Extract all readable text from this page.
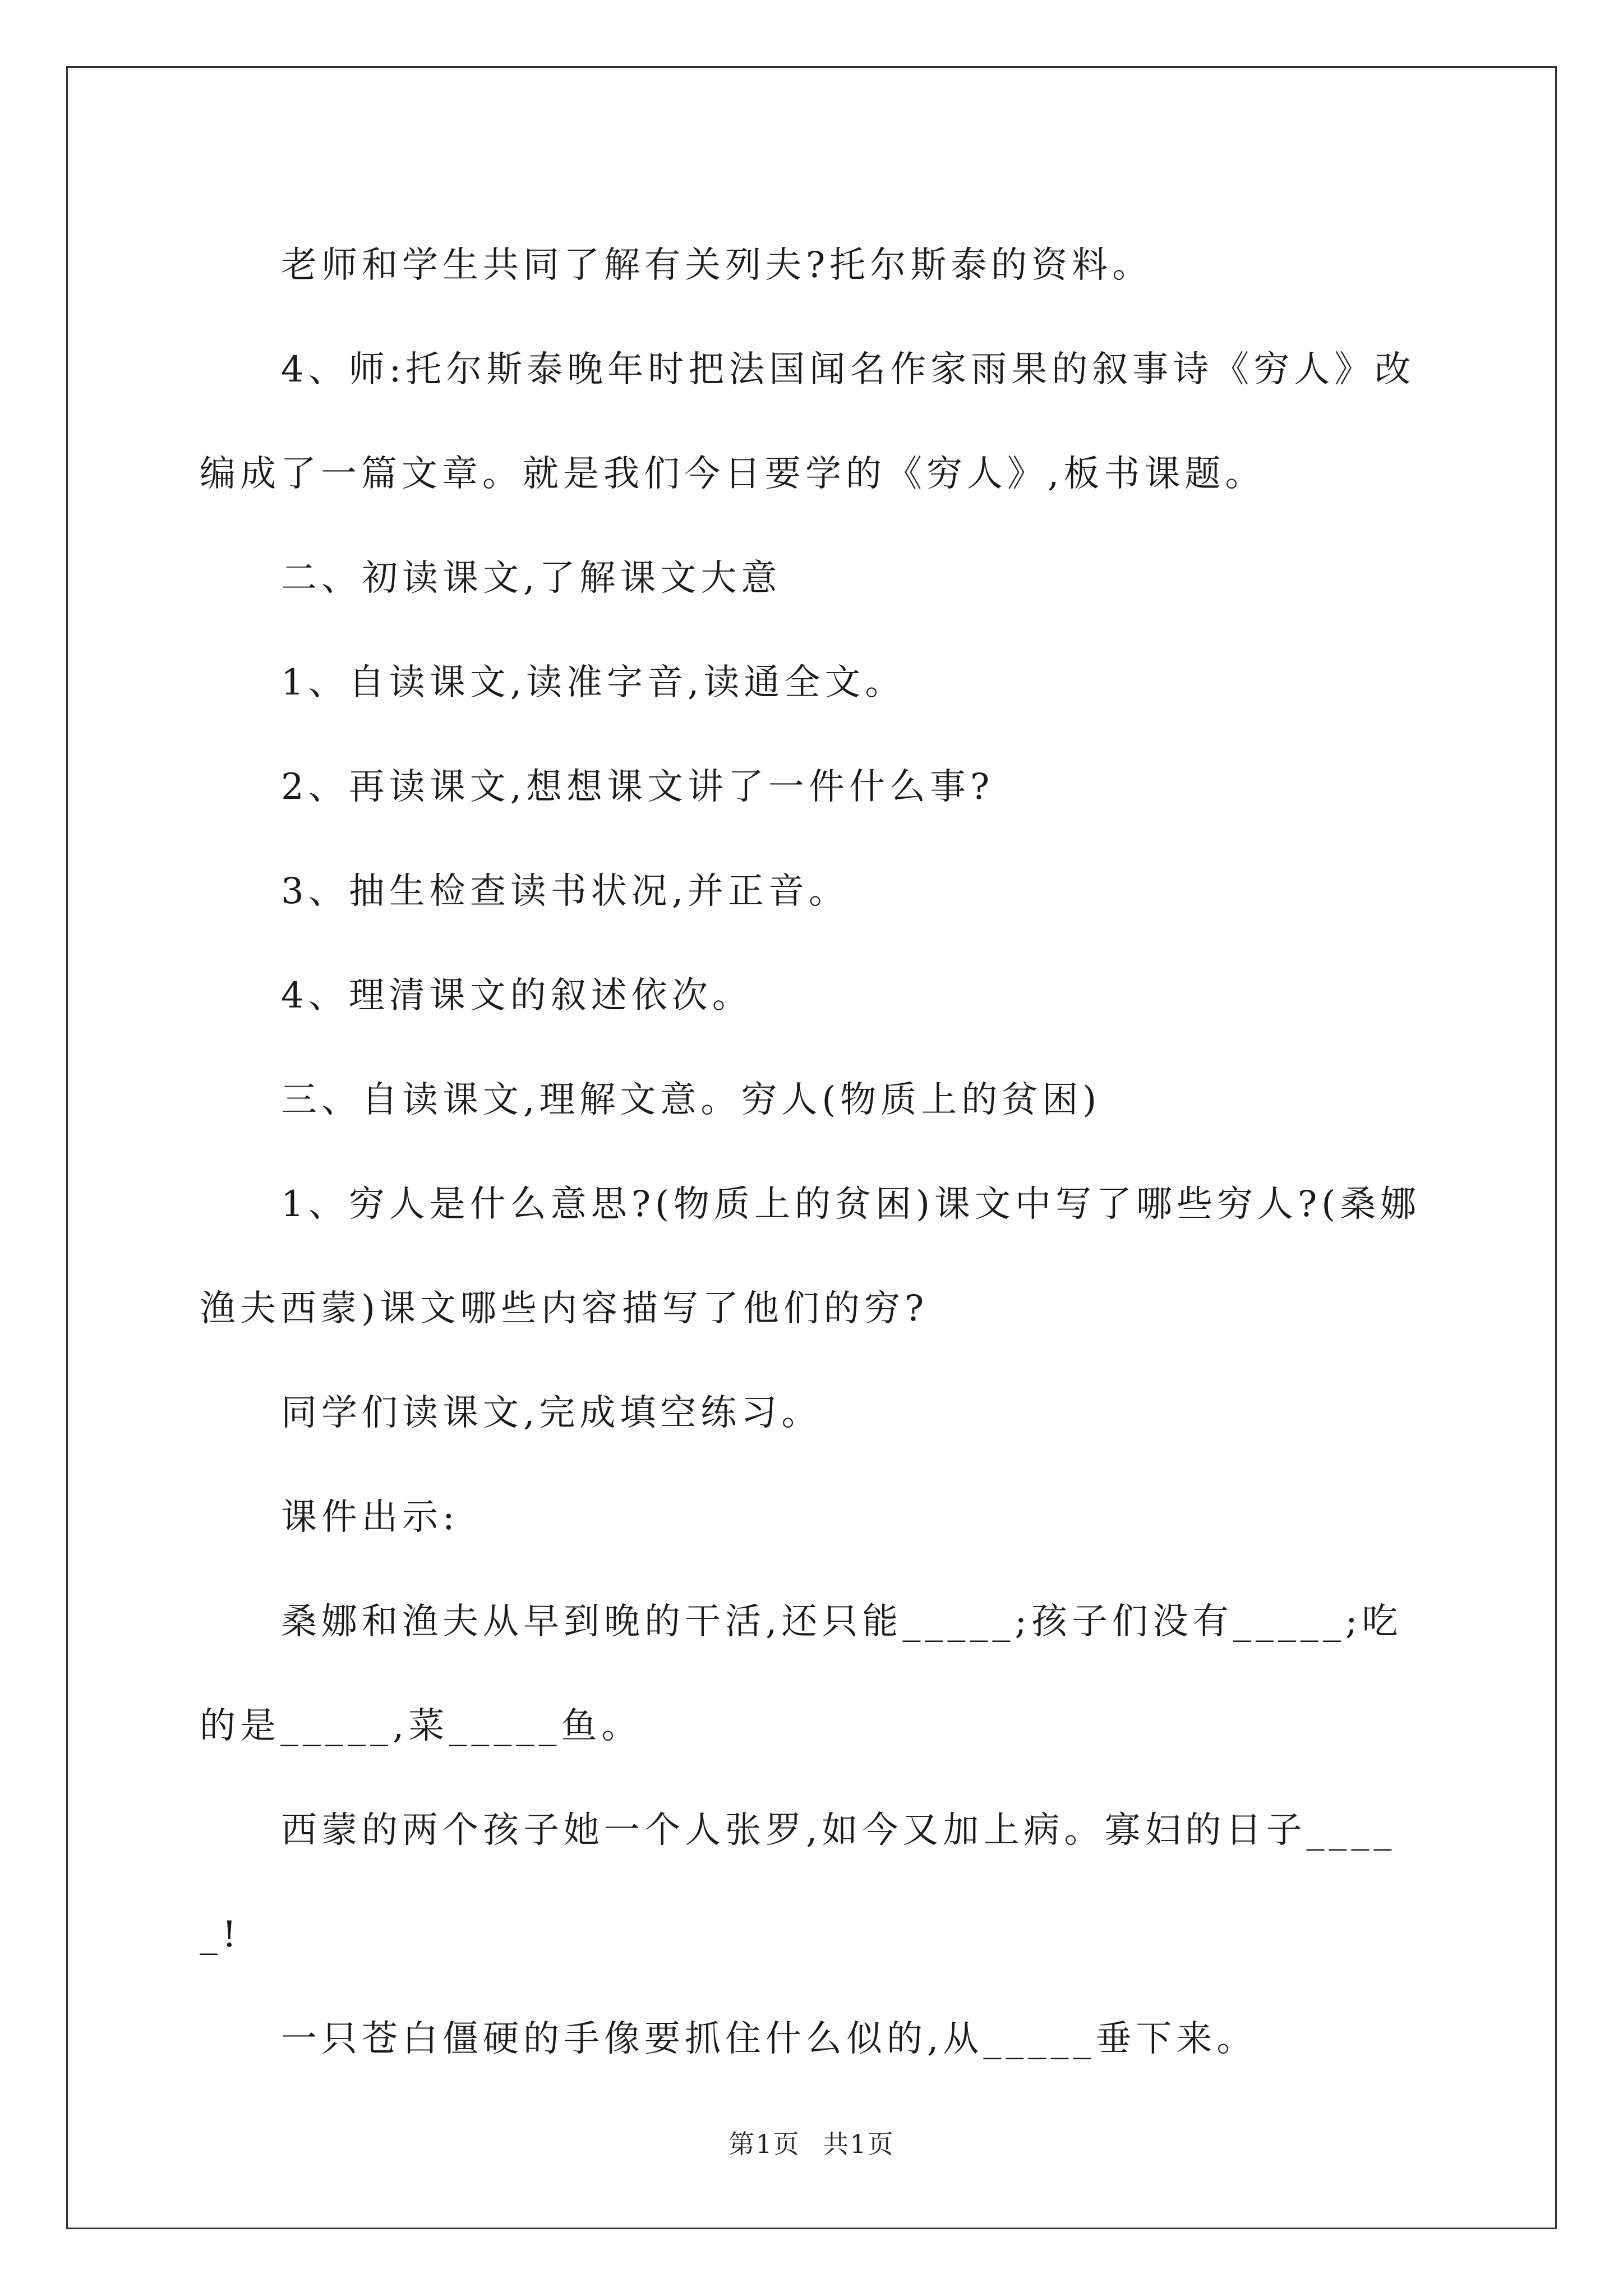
老师和学生共同了解有关列夫?托尔斯泰的资料。

4、师:托尔斯泰晚年时把法国闻名作家雨果的叙事诗《穷人》改编成了一篇文章。就是我们今日要学的《穷人》,板书课题。

二、初读课文,了解课文大意

1、自读课文,读准字音,读通全文。

2、再读课文,想想课文讲了一件什么事?

3、抽生检查读书状况,并正音。

4、理清课文的叙述依次。

三、自读课文,理解文意。穷人(物质上的贫困)

1、穷人是什么意思?(物质上的贫困)课文中写了哪些穷人?(桑娜渔夫西蒙)课文哪些内容描写了他们的穷?

同学们读课文,完成填空练习。

课件出示:

桑娜和渔夫从早到晚的干活,还只能_____;孩子们没有_____;吃的是_____,菜_____鱼。

西蒙的两个孩子她一个人张罗,如今又加上病。寡妇的日子_____!

一只苍白僵硬的手像要抓住什么似的,从_____垂下来。

第1页 共1页
